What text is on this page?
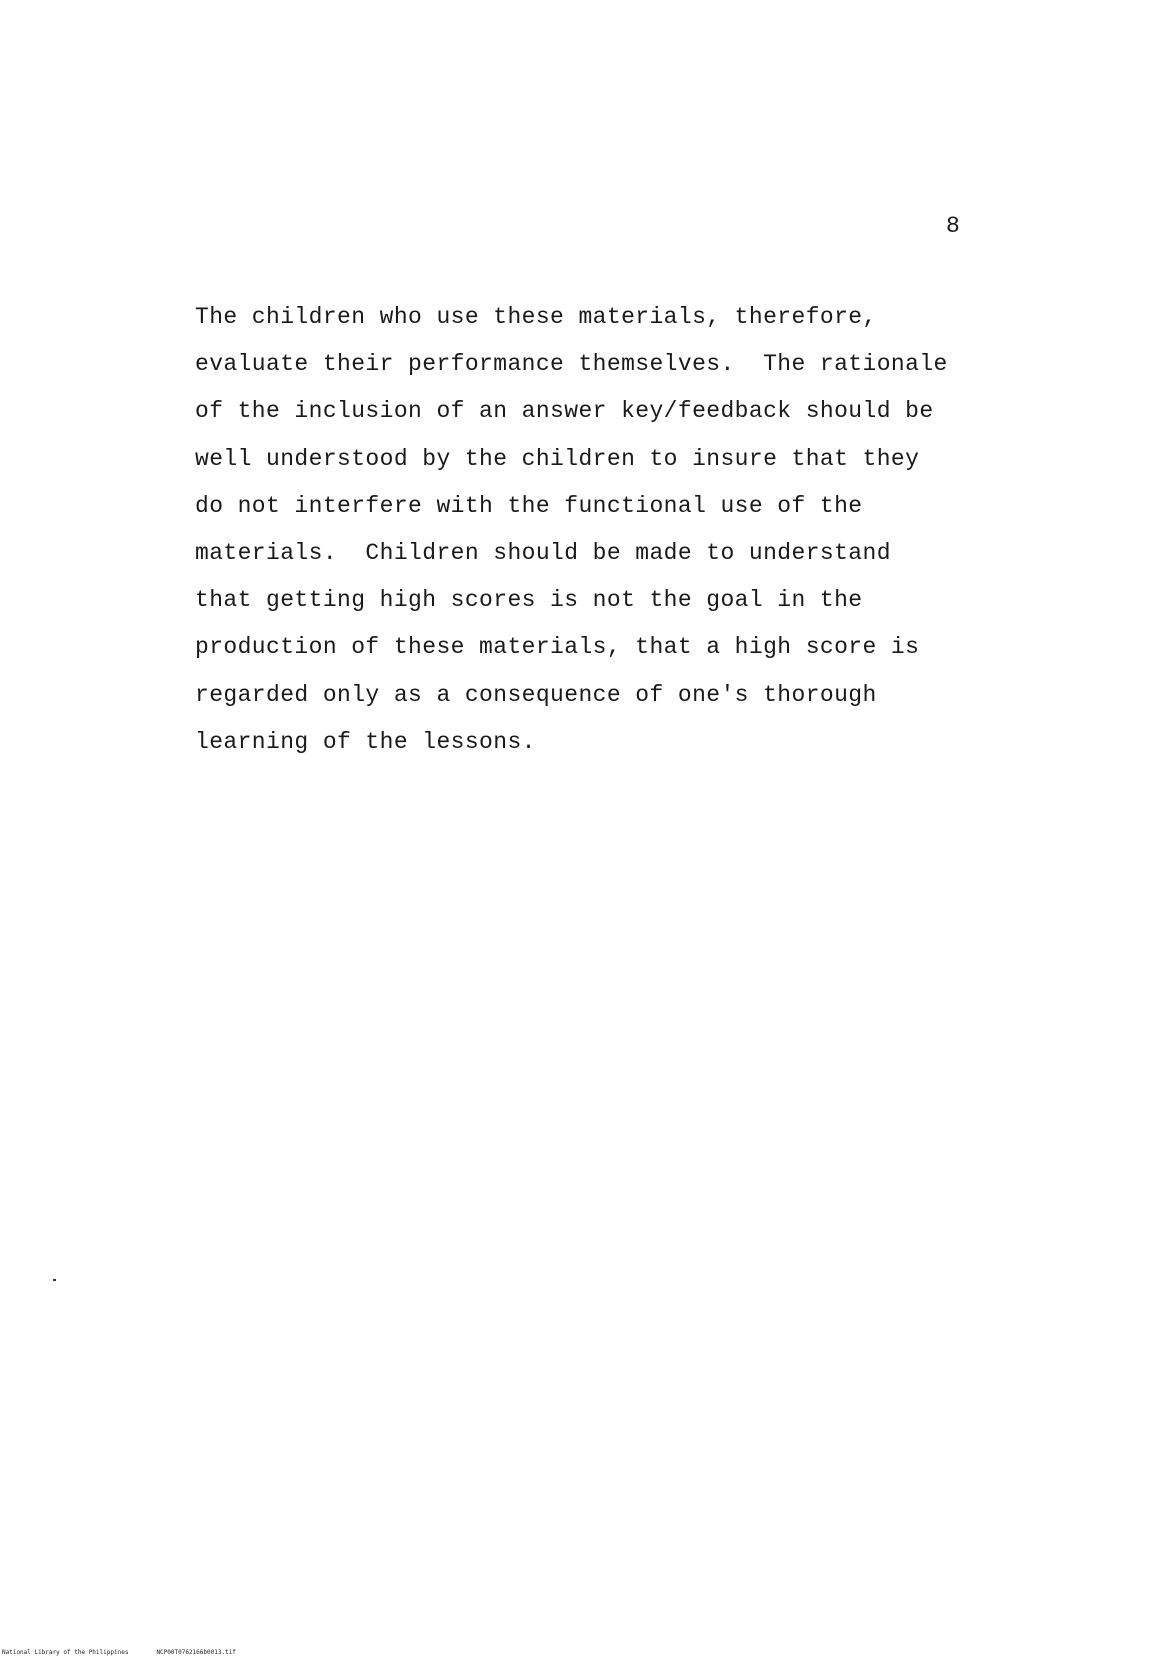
8
The children who use these materials, therefore,
evaluate their performance themselves.  The rationale
of the inclusion of an answer key/feedback should be
well understood by the children to insure that they
do not interfere with the functional use of the
materials.  Children should be made to understand
that getting high scores is not the goal in the
production of these materials, that a high score is
regarded only as a consequence of one's thorough
learning of the lessons.
National Library of the Philippines	NCP00T0762166b0013.tif
